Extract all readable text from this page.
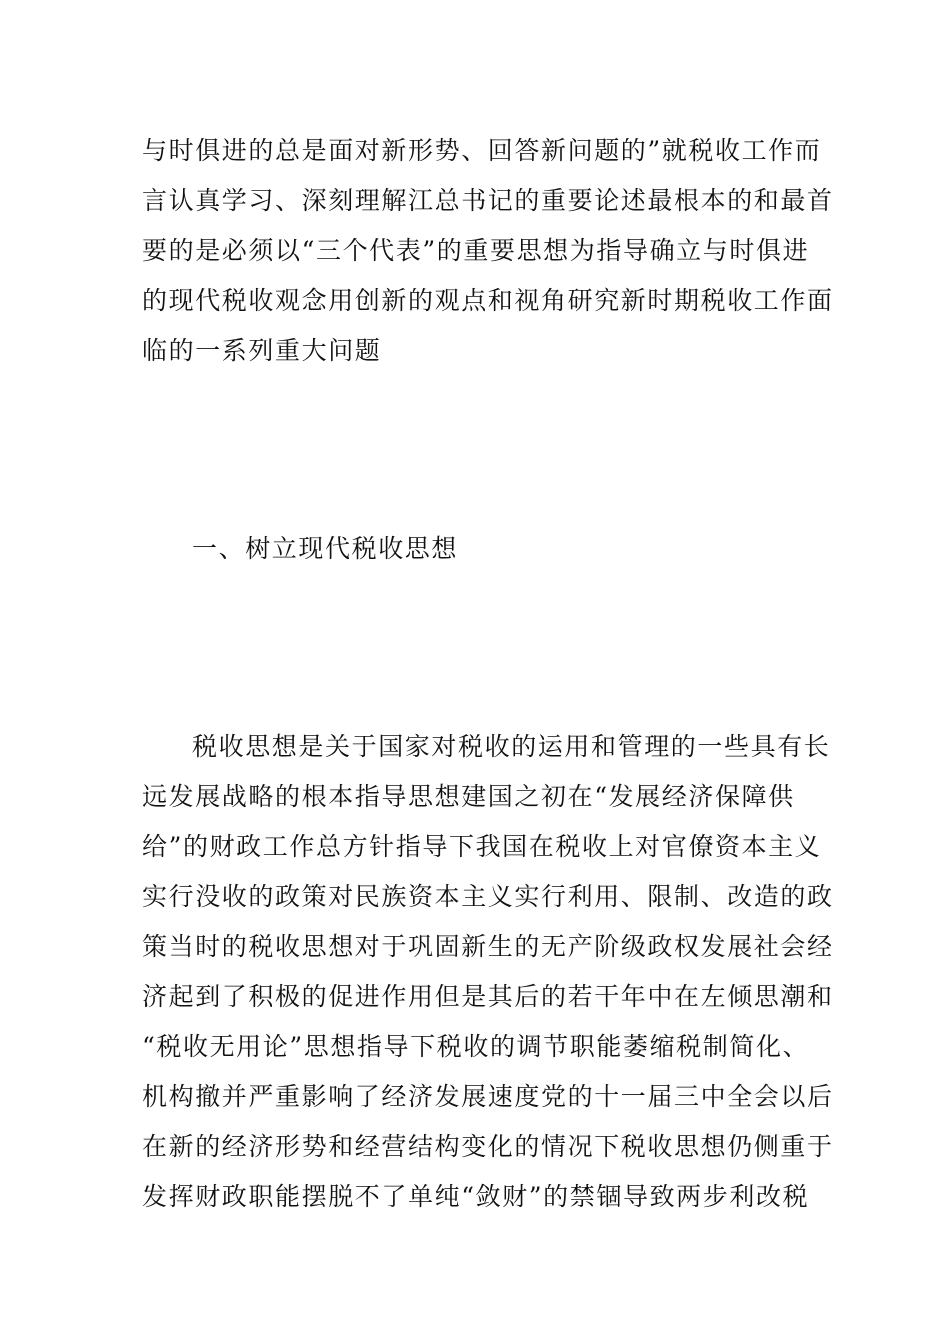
与时俱进的总是面对新形势、回答新问题的”就税收工作而
言认真学习、深刻理解江总书记的重要论述最根本的和最首
要的是必须以“三个代表”的重要思想为指导确立与时俱进
的现代税收观念用创新的观点和视角研究新时期税收工作面
临的一系列重大问题
一、树立现代税收思想
税收思想是关于国家对税收的运用和管理的一些具有长
远发展战略的根本指导思想建国之初在“发展经济保障供
给”的财政工作总方针指导下我国在税收上对官僚资本主义
实行没收的政策对民族资本主义实行利用、限制、改造的政
策当时的税收思想对于巩固新生的无产阶级政权发展社会经
济起到了积极的促进作用但是其后的若干年中在左倾思潮和
“税收无用论”思想指导下税收的调节职能萎缩税制简化、
机构撤并严重影响了经济发展速度党的十一届三中全会以后
在新的经济形势和经营结构变化的情况下税收思想仍侧重于
发挥财政职能摆脱不了单纯“敛财”的禁锢导致两步利改税
